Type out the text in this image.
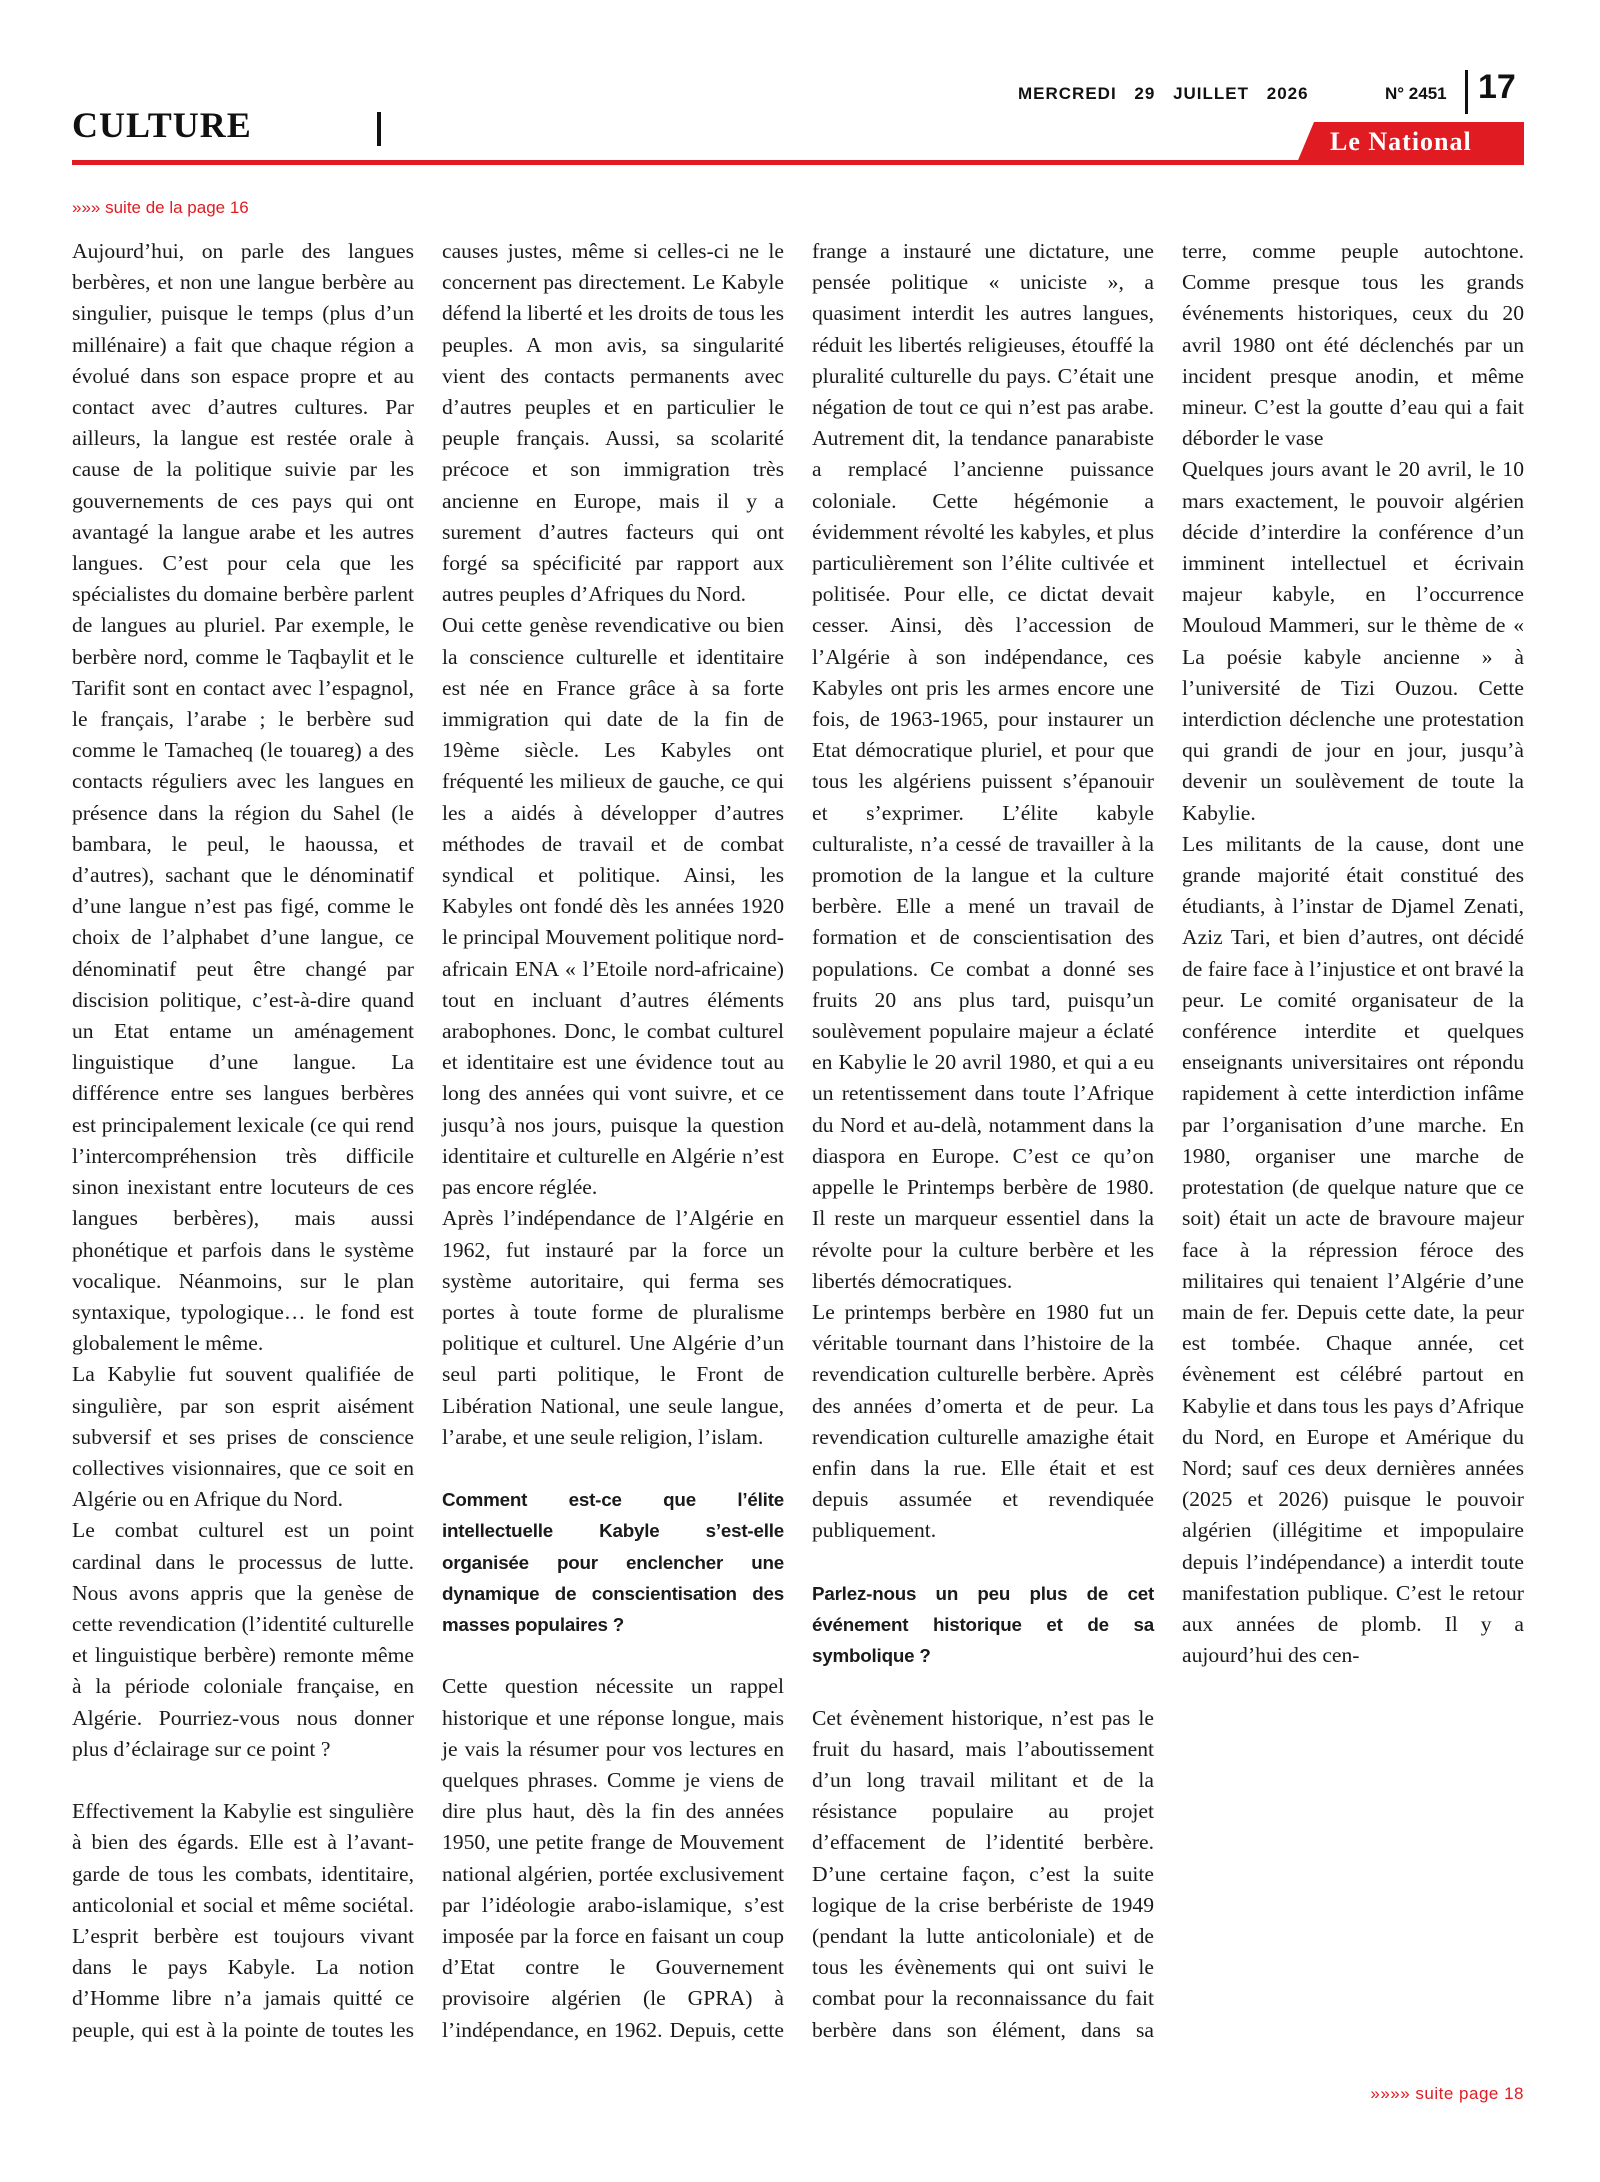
CULTURE
MERCREDI 29 JUILLET 2026	N° 2451 17
Le National
»»» suite de la page 16

Aujourd’hui, on parle des langues berbères, et non une langue berbère au singulier, puisque le temps (plus d’un millénaire) a fait que chaque région a évolué dans son espace propre et au contact avec d’autres cultures. Par ailleurs, la langue est restée orale à cause de la politique suivie par les gouvernements de ces pays qui ont avantagé la langue arabe et les autres langues. C’est pour cela que les spécialistes du domaine berbère parlent de langues au pluriel. Par exemple, le berbère nord, comme le Taqbaylit et le Tarifit sont en contact avec l’espagnol, le français, l’arabe ; le berbère sud comme le Tamacheq (le touareg) a des contacts réguliers avec les langues en présence dans la région du Sahel (le bambara, le peul, le haoussa, et d’autres), sachant que le dénominatif d’une langue n’est pas figé, comme le choix de l’alphabet d’une langue, ce dénominatif peut être changé par discision politique, c’est-à-dire quand un Etat entame un aménagement linguistique d’une langue. La différence entre ses langues berbères est principalement lexicale (ce qui rend l’intercompréhension très difficile sinon inexistant entre locuteurs de ces langues berbères), mais aussi phonétique et parfois dans le système vocalique. Néanmoins, sur le plan syntaxique, typologique… le fond est globalement le même.

La Kabylie fut souvent qualifiée de singulière, par son esprit aisément subversif et ses prises de conscience collectives visionnaires, que ce soit en Algérie ou en Afrique du Nord.

Le combat culturel est un point cardinal dans le processus de lutte. Nous avons appris que la genèse de cette revendication (l’identité culturelle et linguistique berbère) remonte même à la période coloniale française, en Algérie. Pourriez-vous nous donner plus d’éclairage sur ce point ?

Effectivement la Kabylie est singulière à bien des égards. Elle est à l’avant-garde de tous les combats, identitaire, anticolonial et social et même sociétal. L’esprit berbère est toujours vivant dans le pays Kabyle. La notion d’Homme libre n’a jamais quitté ce peuple, qui est à la pointe de toutes les causes justes, même si celles-ci ne le concernent pas directement. Le Kabyle défend la liberté et les droits de tous les peuples. A mon avis, sa singularité vient des contacts permanents avec d’autres peuples et en particulier le peuple français. Aussi, sa scolarité précoce et son immigration très ancienne en Europe, mais il y a surement d’autres facteurs qui ont forgé sa spécificité par rapport aux autres peuples d’Afriques du Nord.

Oui cette genèse revendicative ou bien la conscience culturelle et identitaire est née en France grâce à sa forte immigration qui date de la fin de 19ème siècle. Les Kabyles ont fréquenté les milieux de gauche, ce qui les a aidés à développer d’autres méthodes de travail et de combat syndical et politique. Ainsi, les Kabyles ont fondé dès les années 1920 le principal Mouvement politique nord-africain ENA « l’Etoile nord-africaine) tout en incluant d’autres éléments arabophones. Donc, le combat culturel et identitaire est une évidence tout au long des années qui vont suivre, et ce jusqu’à nos jours, puisque la question identitaire et culturelle en Algérie n’est pas encore réglée.

Après l’indépendance de l’Algérie en 1962, fut instauré par la force un système autoritaire, qui ferma ses portes à toute forme de pluralisme politique et culturel. Une Algérie d’un seul parti politique, le Front de Libération National, une seule langue, l’arabe, et une seule religion, l’islam.

Comment est-ce que l’élite intellectuelle Kabyle s’est-elle organisée pour enclencher une dynamique de conscientisation des masses populaires ?

Cette question nécessite un rappel historique et une réponse longue, mais je vais la résumer pour vos lectures en quelques phrases. Comme je viens de dire plus haut, dès la fin des années 1950, une petite frange de Mouvement national algérien, portée exclusivement par l’idéologie arabo-islamique, s’est imposée par la force en faisant un coup d’Etat contre le Gouvernement provisoire algérien (le GPRA) à l’indépendance, en 1962. Depuis, cette frange a instauré une dictature, une pensée politique « uniciste », a quasiment interdit les autres langues, réduit les libertés religieuses, étouffé la pluralité culturelle du pays. C’était une négation de tout ce qui n’est pas arabe. Autrement dit, la tendance panarabiste a remplacé l’ancienne puissance coloniale. Cette hégémonie a évidemment révolté les kabyles, et plus particulièrement son l’élite cultivée et politisée. Pour elle, ce dictat devait cesser. Ainsi, dès l’accession de l’Algérie à son indépendance, ces Kabyles ont pris les armes encore une fois, de 1963-1965, pour instaurer un Etat démocratique pluriel, et pour que tous les algériens puissent s’épanouir et s’exprimer. L’élite kabyle culturaliste, n’a cessé de travailler à la promotion de la langue et la culture berbère. Elle a mené un travail de formation et de conscientisation des populations. Ce combat a donné ses fruits 20 ans plus tard, puisqu’un soulèvement populaire majeur a éclaté en Kabylie le 20 avril 1980, et qui a eu un retentissement dans toute l’Afrique du Nord et au-delà, notamment dans la diaspora en Europe. C’est ce qu’on appelle le Printemps berbère de 1980. Il reste un marqueur essentiel dans la révolte pour la culture berbère et les libertés démocratiques.

Le printemps berbère en 1980 fut un véritable tournant dans l’histoire de la revendication culturelle berbère. Après des années d’omerta et de peur. La revendication culturelle amazighe était enfin dans la rue. Elle était et est depuis assumée et revendiquée publiquement.

Parlez-nous un peu plus de cet événement historique et de sa symbolique ?

Cet évènement historique, n’est pas le fruit du hasard, mais l’aboutissement d’un long travail militant et de la résistance populaire au projet d’effacement de l’identité berbère. D’une certaine façon, c’est la suite logique de la crise berbériste de 1949 (pendant la lutte anticoloniale) et de tous les évènements qui ont suivi le combat pour la reconnaissance du fait berbère dans son élément, dans sa terre, comme peuple autochtone. Comme presque tous les grands événements historiques, ceux du 20 avril 1980 ont été déclenchés par un incident presque anodin, et même mineur. C’est la goutte d’eau qui a fait déborder le vase

Quelques jours avant le 20 avril, le 10 mars exactement, le pouvoir algérien décide d’interdire la conférence d’un imminent intellectuel et écrivain majeur kabyle, en l’occurrence Mouloud Mammeri, sur le thème de « La poésie kabyle ancienne » à l’université de Tizi Ouzou. Cette interdiction déclenche une protestation qui grandi de jour en jour, jusqu’à devenir un soulèvement de toute la Kabylie.

Les militants de la cause, dont une grande majorité était constitué des étudiants, à l’instar de Djamel Zenati, Aziz Tari, et bien d’autres, ont décidé de faire face à l’injustice et ont bravé la peur. Le comité organisateur de la conférence interdite et quelques enseignants universitaires ont répondu rapidement à cette interdiction infâme par l’organisation d’une marche. En 1980, organiser une marche de protestation (de quelque nature que ce soit) était un acte de bravoure majeur face à la répression féroce des militaires qui tenaient l’Algérie d’une main de fer. Depuis cette date, la peur est tombée. Chaque année, cet évènement est célébré partout en Kabylie et dans tous les pays d’Afrique du Nord, en Europe et Amérique du Nord; sauf ces deux dernières années (2025 et 2026) puisque le pouvoir algérien (illégitime et impopulaire depuis l’indépendance) a interdit toute manifestation publique. C’est le retour aux années de plomb. Il y a aujourd’hui des cen-

»»»» suite page 18
